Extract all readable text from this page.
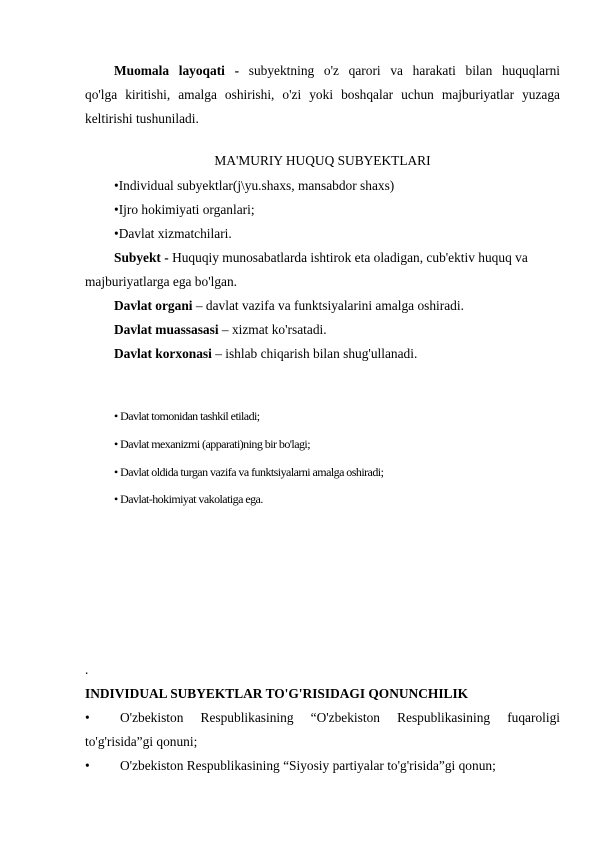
Muomala layoqati - subyektning o'z qarori va harakati bilan huquqlarni
qo'lga kiritishi, amalga oshirishi, o'zi yoki boshqalar uchun majburiyatlar yuzaga
keltirishi tushuniladi.
MA'MURIY HUQUQ SUBYEKTLARI
•Individual subyektlar(j\yu.shaxs, mansabdor shaxs)
•Ijro hokimiyati organlari;
•Davlat xizmatchilari.
Subyekt - Huquqiy munosabatlarda ishtirok eta oladigan, cub'ektiv huquq va
majburiyatlarga ega bo'lgan.
Davlat organi – davlat vazifa va funktsiyalarini amalga oshiradi.
Davlat muassasasi – xizmat ko'rsatadi.
Davlat korxonasi – ishlab chiqarish bilan shug'ullanadi.
• Davlat tomonidan tashkil etiladi;
• Davlat mexanizmi (apparati)ning bir bo'lagi;
• Davlat oldida turgan vazifa va funktsiyalarni amalga oshiradi;
• Davlat-hokimiyat vakolatiga ega.
.
INDIVIDUAL SUBYEKTLAR TO'G'RISIDAGI QONUNCHILIK
• O'zbekiston Respublikasining “O'zbekiston Respublikasining fuqaroligi
to'g'risida”gi qonuni;
• O'zbekiston Respublikasining “Siyosiy partiyalar to'g'risida”gi qonun;
